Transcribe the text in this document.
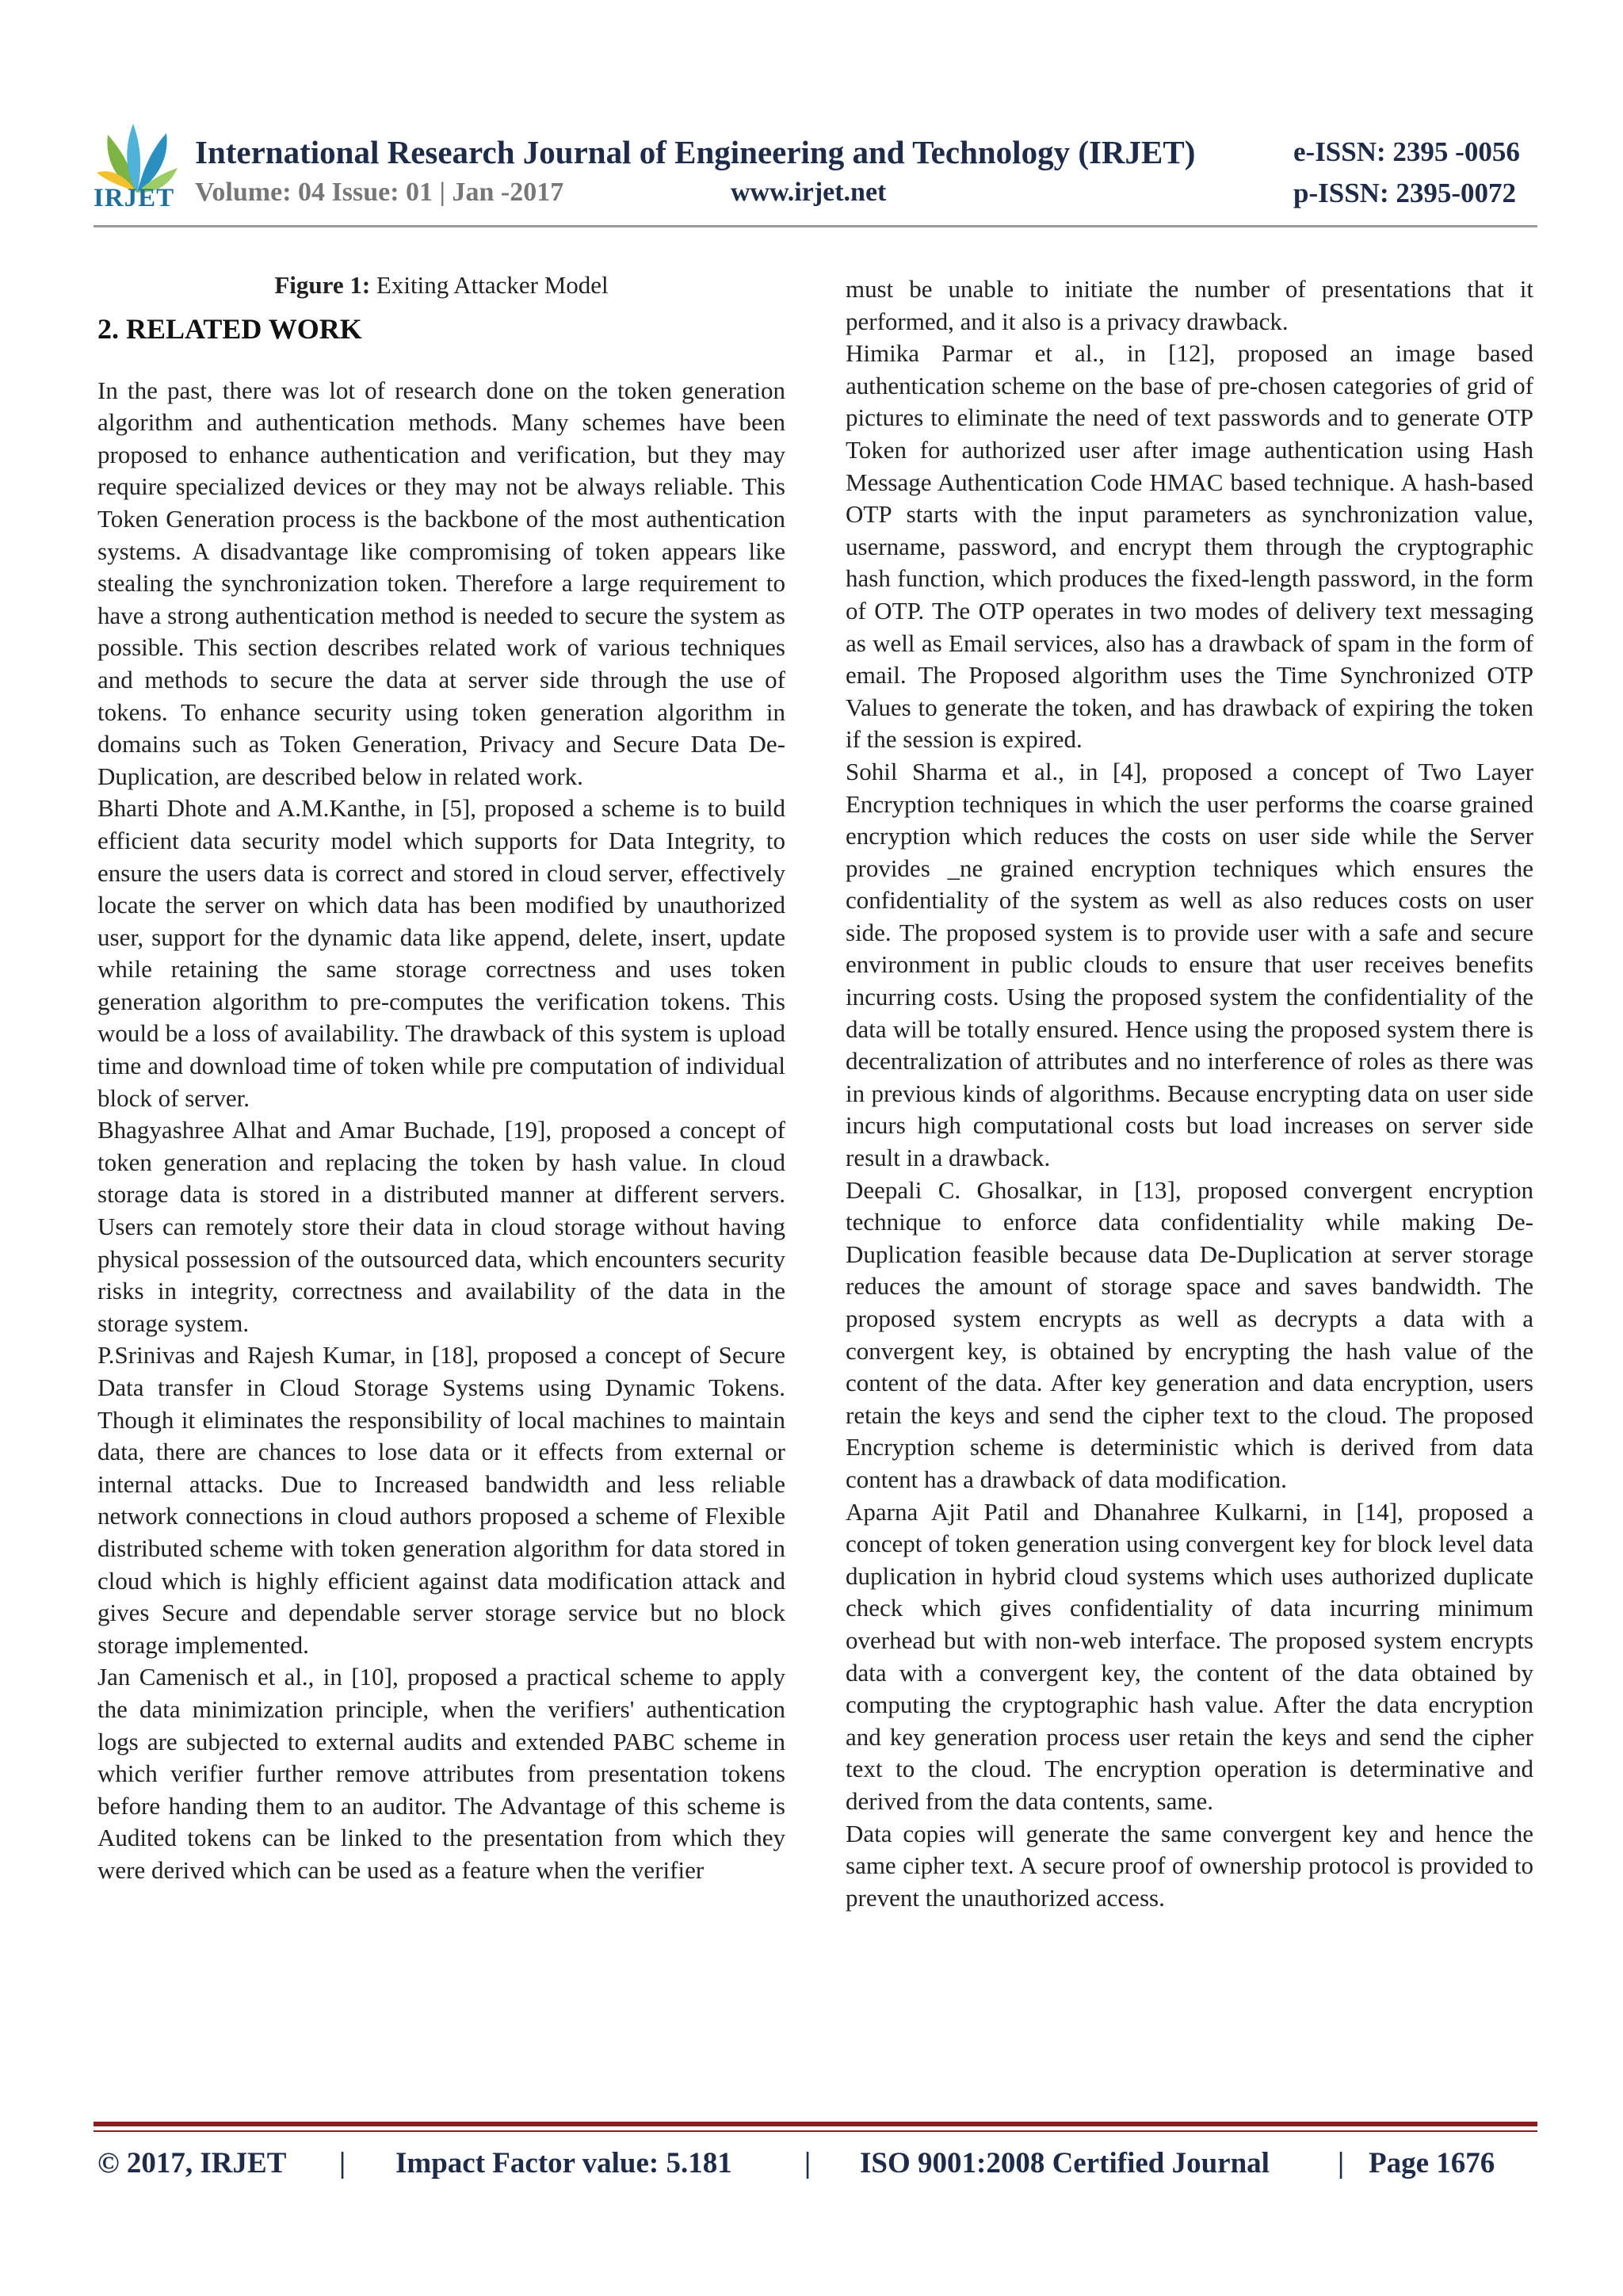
IRJET
International Research Journal of Engineering and Technology (IRJET)	e-ISSN: 2395 -0056
Volume: 04 Issue: 01 | Jan -2017	www.irjet.net	p-ISSN: 2395-0072

Figure 1: Exiting Attacker Model

2. RELATED WORK

In the past, there was lot of research done on the token generation algorithm and authentication methods. Many schemes have been proposed to enhance authentication and verification, but they may require specialized devices or they may not be always reliable. This Token Generation process is the backbone of the most authentication systems. A disadvantage like compromising of token appears like stealing the synchronization token. Therefore a large requirement to have a strong authentication method is needed to secure the system as possible. This section describes related work of various techniques and methods to secure the data at server side through the use of tokens. To enhance security using token generation algorithm in domains such as Token Generation, Privacy and Secure Data De-Duplication, are described below in related work.

Bharti Dhote and A.M.Kanthe, in [5], proposed a scheme is to build efficient data security model which supports for Data Integrity, to ensure the users data is correct and stored in cloud server, effectively locate the server on which data has been modified by unauthorized user, support for the dynamic data like append, delete, insert, update while retaining the same storage correctness and uses token generation algorithm to pre-computes the verification tokens. This would be a loss of availability. The drawback of this system is upload time and download time of token while pre computation of individual block of server.

Bhagyashree Alhat and Amar Buchade, [19], proposed a concept of token generation and replacing the token by hash value. In cloud storage data is stored in a distributed manner at different servers. Users can remotely store their data in cloud storage without having physical possession of the outsourced data, which encounters security risks in integrity, correctness and availability of the data in the storage system.

P.Srinivas and Rajesh Kumar, in [18], proposed a concept of Secure Data transfer in Cloud Storage Systems using Dynamic Tokens. Though it eliminates the responsibility of local machines to maintain data, there are chances to lose data or it effects from external or internal attacks. Due to Increased bandwidth and less reliable network connections in cloud authors proposed a scheme of Flexible distributed scheme with token generation algorithm for data stored in cloud which is highly efficient against data modification attack and gives Secure and dependable server storage service but no block storage implemented.

Jan Camenisch et al., in [10], proposed a practical scheme to apply the data minimization principle, when the verifiers' authentication logs are subjected to external audits and extended PABC scheme in which verifier further remove attributes from presentation tokens before handing them to an auditor. The Advantage of this scheme is Audited tokens can be linked to the presentation from which they were derived which can be used as a feature when the verifier

must be unable to initiate the number of presentations that it performed, and it also is a privacy drawback.

Himika Parmar et al., in [12], proposed an image based authentication scheme on the base of pre-chosen categories of grid of pictures to eliminate the need of text passwords and to generate OTP Token for authorized user after image authentication using Hash Message Authentication Code HMAC based technique. A hash-based OTP starts with the input parameters as synchronization value, username, password, and encrypt them through the cryptographic hash function, which produces the fixed-length password, in the form of OTP. The OTP operates in two modes of delivery text messaging as well as Email services, also has a drawback of spam in the form of email. The Proposed algorithm uses the Time Synchronized OTP Values to generate the token, and has drawback of expiring the token if the session is expired.

Sohil Sharma et al., in [4], proposed a concept of Two Layer Encryption techniques in which the user performs the coarse grained encryption which reduces the costs on user side while the Server provides _ne grained encryption techniques which ensures the confidentiality of the system as well as also reduces costs on user side. The proposed system is to provide user with a safe and secure environment in public clouds to ensure that user receives benefits incurring costs. Using the proposed system the confidentiality of the data will be totally ensured. Hence using the proposed system there is decentralization of attributes and no interference of roles as there was in previous kinds of algorithms. Because encrypting data on user side incurs high computational costs but load increases on server side result in a drawback.

Deepali C. Ghosalkar, in [13], proposed convergent encryption technique to enforce data confidentiality while making De-Duplication feasible because data De-Duplication at server storage reduces the amount of storage space and saves bandwidth. The proposed system encrypts as well as decrypts a data with a convergent key, is obtained by encrypting the hash value of the content of the data. After key generation and data encryption, users retain the keys and send the cipher text to the cloud. The proposed Encryption scheme is deterministic which is derived from data content has a drawback of data modification.

Aparna Ajit Patil and Dhanahree Kulkarni, in [14], proposed a concept of token generation using convergent key for block level data duplication in hybrid cloud systems which uses authorized duplicate check which gives confidentiality of data incurring minimum overhead but with non-web interface. The proposed system encrypts data with a convergent key, the content of the data obtained by computing the cryptographic hash value. After the data encryption and key generation process user retain the keys and send the cipher text to the cloud. The encryption operation is determinative and derived from the data contents, same.

Data copies will generate the same convergent key and hence the same cipher text. A secure proof of ownership protocol is provided to prevent the unauthorized access.

© 2017, IRJET | Impact Factor value: 5.181 | ISO 9001:2008 Certified Journal | Page 1676
